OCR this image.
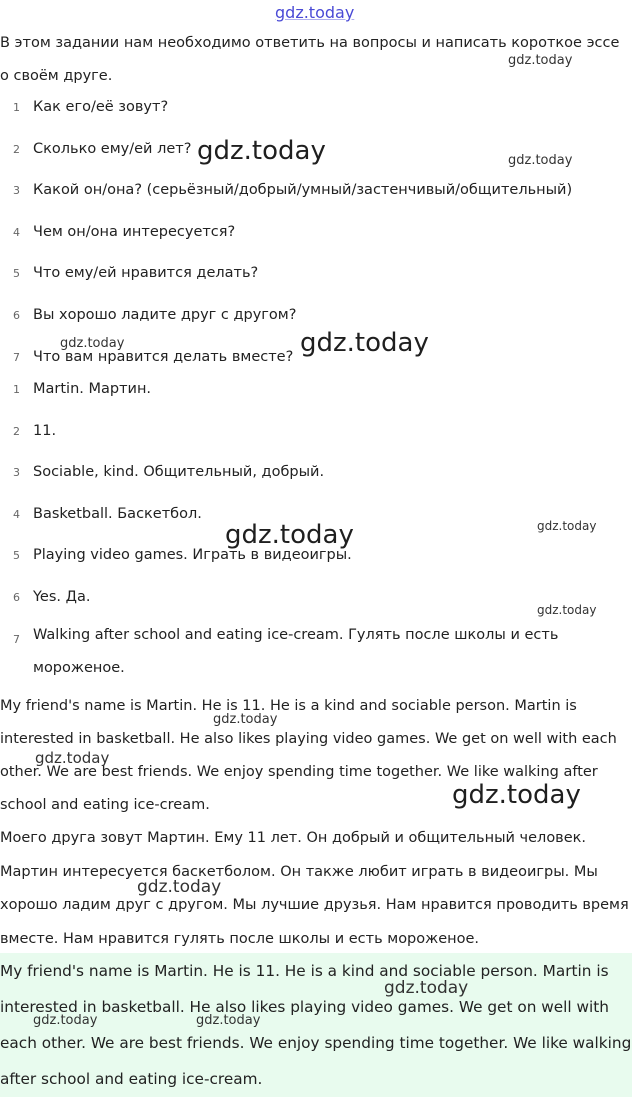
В этом задании нам необходимо ответить на вопросы и написать короткое эссе о своём друге.

1 Как его/её зовут?
2 Сколько ему/ей лет?
3 Какой он/она? (серьёзный/добрый/умный/застенчивый/общительный)
4 Чем он/она интересуется?
5 Что ему/ей нравится делать?
6 Вы хорошо ладите друг с другом?
7 Что вам нравится делать вместе?
1 Martin. Мартин.
2 11.
3 Sociable, kind. Общительный, добрый.
4 Basketball. Баскетбол.
5 Playing video games. Играть в видеоигры.
6 Yes. Да.
7 Walking after school and eating ice-cream. Гулять после школы и есть мороженое.

My friend's name is Martin. He is 11. He is a kind and sociable person. Martin is interested in basketball. He also likes playing video games. We get on well with each other. We are best friends. We enjoy spending time together. We like walking after school and eating ice-cream.

Моего друга зовут Мартин. Ему 11 лет. Он добрый и общительный человек. Мартин интересуется баскетболом. Он также любит играть в видеоигры. Мы хорошо ладим друг с другом. Мы лучшие друзья. Нам нравится проводить время вместе. Нам нравится гулять после школы и есть мороженое.

My friend's name is Martin. He is 11. He is a kind and sociable person. Martin is interested in basketball. He also likes playing video games. We get on well with each other. We are best friends. We enjoy spending time together. We like walking after school and eating ice-cream.

gdz.today
gdz.today
gdz.today	gdz.today
gdz.today	gdz.today
gdz.today	gdz.today
gdz.today
gdz.today
gdz.today
gdz.today
gdz.today
gdz.today
gdz.today	gdz.today
